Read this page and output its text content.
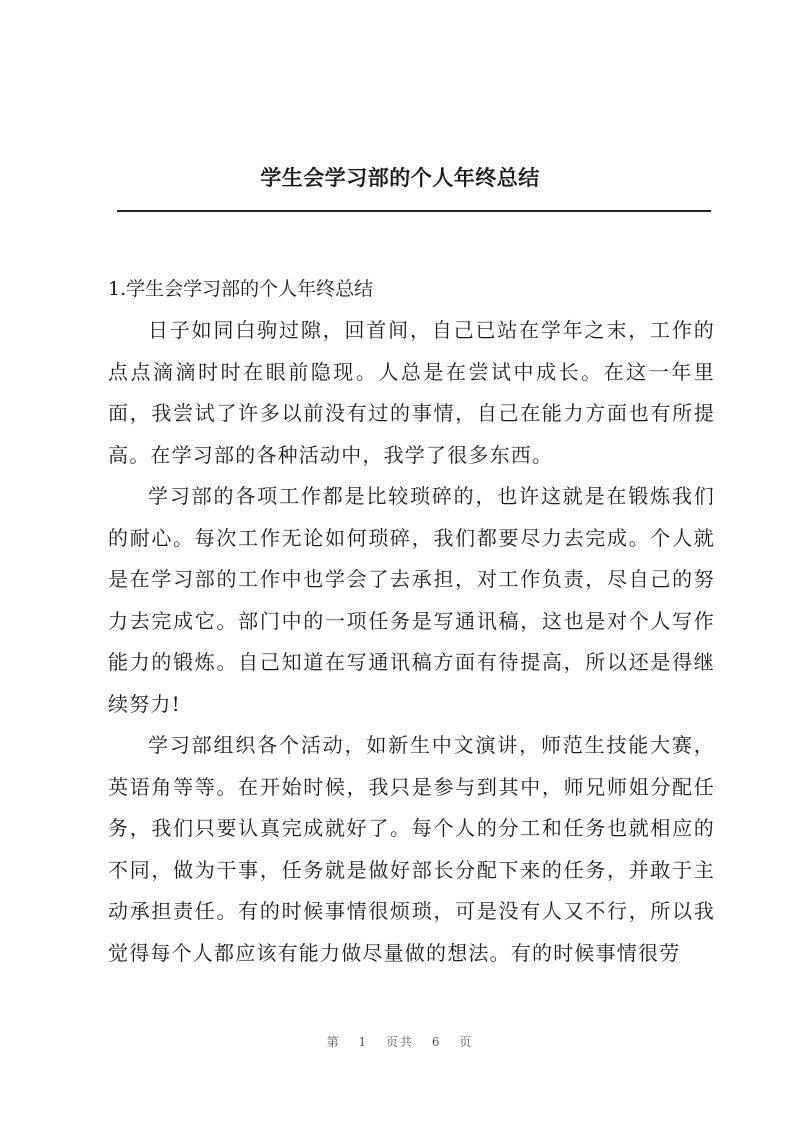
学生会学习部的个人年终总结

1.学生会学习部的个人年终总结

日子如同白驹过隙，回首间，自己已站在学年之末，工作的点点滴滴时时在眼前隐现。人总是在尝试中成长。在这一年里面，我尝试了许多以前没有过的事情，自己在能力方面也有所提高。在学习部的各种活动中，我学了很多东西。

学习部的各项工作都是比较琐碎的，也许这就是在锻炼我们的耐心。每次工作无论如何琐碎，我们都要尽力去完成。个人就是在学习部的工作中也学会了去承担，对工作负责，尽自己的努力去完成它。部门中的一项任务是写通讯稿，这也是对个人写作能力的锻炼。自己知道在写通讯稿方面有待提高，所以还是得继续努力!

学习部组织各个活动，如新生中文演讲，师范生技能大赛，英语角等等。在开始时候，我只是参与到其中，师兄师姐分配任务，我们只要认真完成就好了。每个人的分工和任务也就相应的不同，做为干事，任务就是做好部长分配下来的任务，并敢于主动承担责任。有的时候事情很烦琐，可是没有人又不行，所以我觉得每个人都应该有能力做尽量做的想法。有的时候事情很劳

第 1 页共 6 页
